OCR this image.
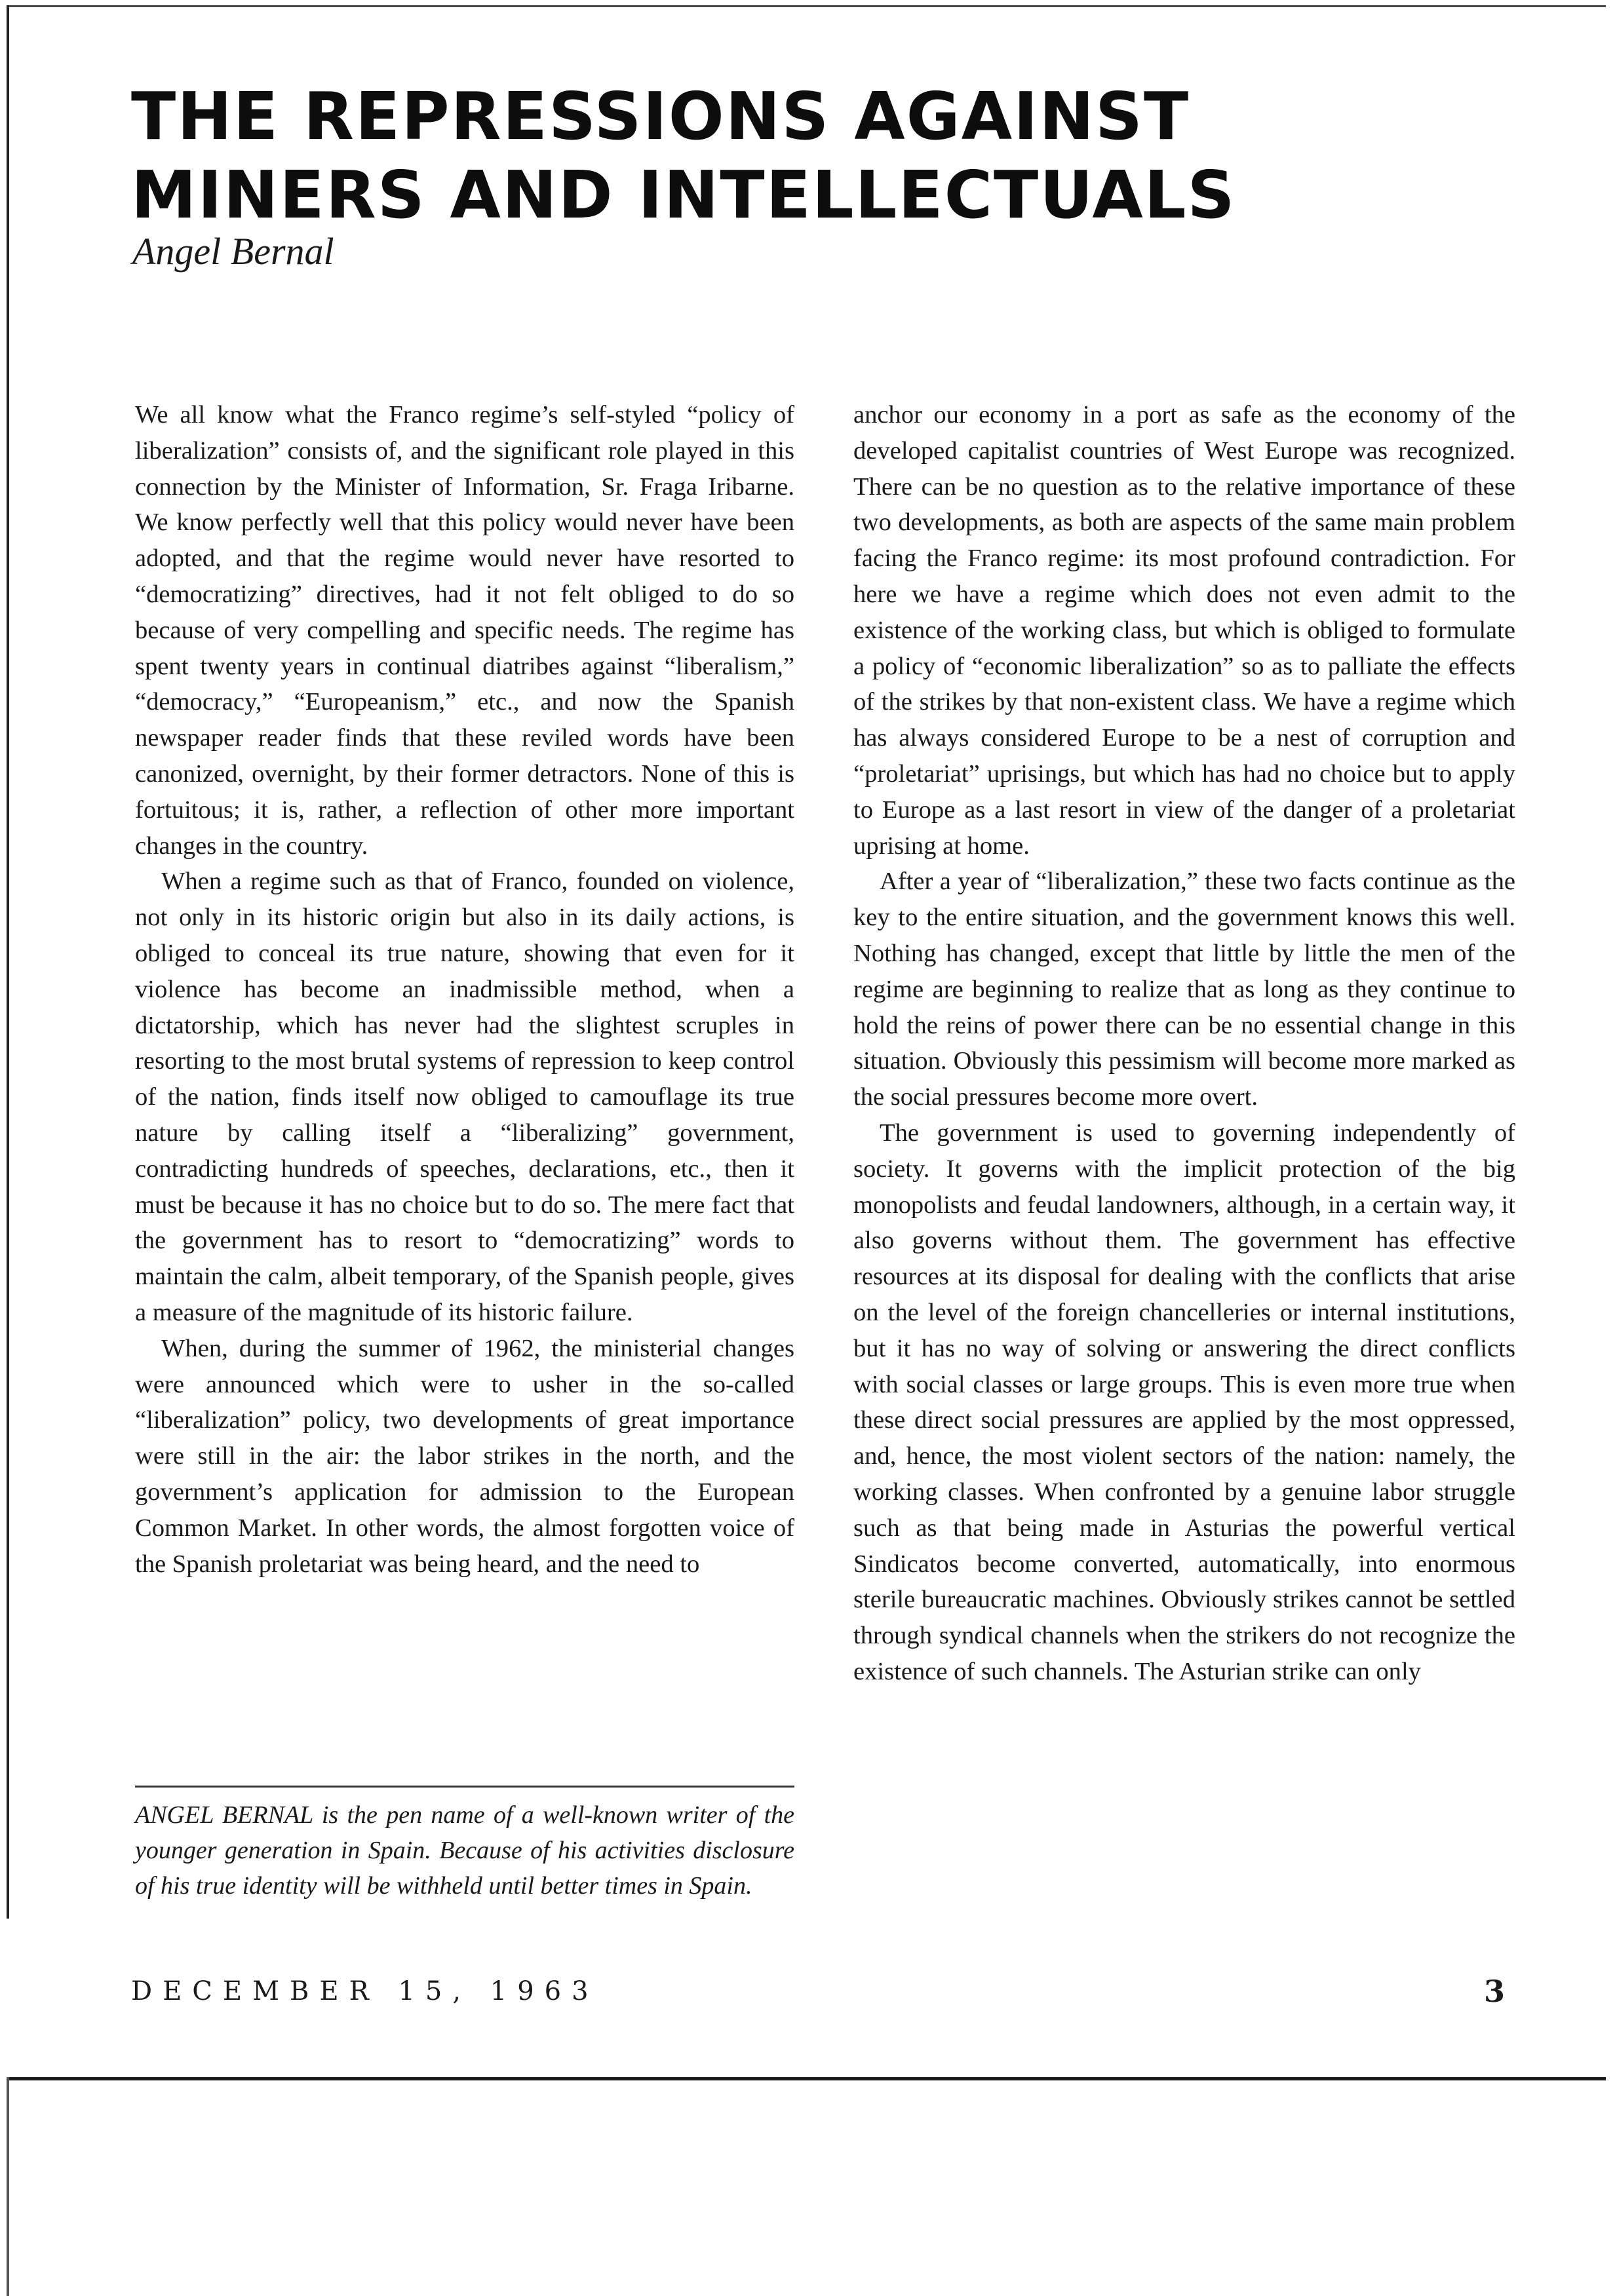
THE REPRESSIONS AGAINST
MINERS AND INTELLECTUALS

Angel Bernal

We all know what the Franco regime’s self-styled “policy of liberalization” consists of, and the significant role played in this connection by the Minister of Information, Sr. Fraga Iribarne. We know perfectly well that this policy would never have been adopted, and that the regime would never have resorted to “democratizing” directives, had it not felt obliged to do so because of very compelling and specific needs. The regime has spent twenty years in continual diatribes against “liberalism,” “democracy,” “Europeanism,” etc., and now the Spanish newspaper reader finds that these reviled words have been canonized, overnight, by their former detractors. None of this is fortuitous; it is, rather, a reflection of other more important changes in the country.

When a regime such as that of Franco, founded on violence, not only in its historic origin but also in its daily actions, is obliged to conceal its true nature, showing that even for it violence has become an inadmissible method, when a dictatorship, which has never had the slightest scruples in resorting to the most brutal systems of repression to keep control of the nation, finds itself now obliged to camouflage its true nature by calling itself a “liberalizing” government, contradicting hundreds of speeches, declarations, etc., then it must be because it has no choice but to do so. The mere fact that the government has to resort to “democratizing” words to maintain the calm, albeit temporary, of the Spanish people, gives a measure of the magnitude of its historic failure.

When, during the summer of 1962, the ministerial changes were announced which were to usher in the so-called “liberalization” policy, two developments of great importance were still in the air: the labor strikes in the north, and the government’s application for admission to the European Common Market. In other words, the almost forgotten voice of the Spanish proletariat was being heard, and the need to

anchor our economy in a port as safe as the economy of the developed capitalist countries of West Europe was recognized. There can be no question as to the relative importance of these two developments, as both are aspects of the same main problem facing the Franco regime: its most profound contradiction. For here we have a regime which does not even admit to the existence of the working class, but which is obliged to formulate a policy of “economic liberalization” so as to palliate the effects of the strikes by that non-existent class. We have a regime which has always considered Europe to be a nest of corruption and “proletariat” uprisings, but which has had no choice but to apply to Europe as a last resort in view of the danger of a proletariat uprising at home.

After a year of “liberalization,” these two facts continue as the key to the entire situation, and the government knows this well. Nothing has changed, except that little by little the men of the regime are beginning to realize that as long as they continue to hold the reins of power there can be no essential change in this situation. Obviously this pessimism will become more marked as the social pressures become more overt.

The government is used to governing independently of society. It governs with the implicit protection of the big monopolists and feudal landowners, although, in a certain way, it also governs without them. The government has effective resources at its disposal for dealing with the conflicts that arise on the level of the foreign chancelleries or internal institutions, but it has no way of solving or answering the direct conflicts with social classes or large groups. This is even more true when these direct social pressures are applied by the most oppressed, and, hence, the most violent sectors of the nation: namely, the working classes. When confronted by a genuine labor struggle such as that being made in Asturias the powerful vertical Sindicatos become converted, automatically, into enormous sterile bureaucratic machines. Obviously strikes cannot be settled through syndical channels when the strikers do not recognize the existence of such channels. The Asturian strike can only

ANGEL BERNAL is the pen name of a well-known writer of the younger generation in Spain. Because of his activities disclosure of his true identity will be withheld until better times in Spain.

DECEMBER 15, 1963	3
